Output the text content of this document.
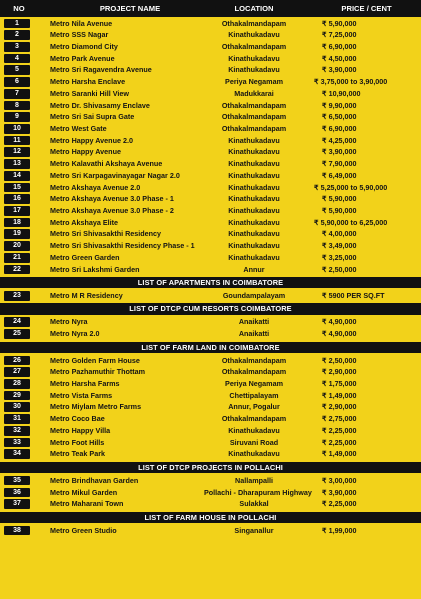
NO	PROJECT NAME	LOCATION	PRICE / CENT
1	Metro Nila Avenue	Othakalmandapam	₹ 5,90,000
2	Metro SSS Nagar	Kinathukadavu	₹ 7,25,000
3	Metro Diamond City	Othakalmandapam	₹ 6,90,000
4	Metro Park Avenue	Kinathukadavu	₹ 4,50,000
5	Metro Sri Ragavendra Avenue	Kinathukadavu	₹ 3,90,000
6	Metro Harsha Enclave	Periya Negamam	₹ 3,75,000 to 3,90,000
7	Metro Saranki Hill View	Madukkarai	₹ 10,90,000
8	Metro Dr. Shivasamy Enclave	Othakalmandapam	₹ 9,90,000
9	Metro Sri Sai Supra Gate	Othakalmandapam	₹ 6,50,000
10	Metro West Gate	Othakalmandapam	₹ 6,90,000
11	Metro Happy Avenue 2.0	Kinathukadavu	₹ 4,25,000
12	Metro Happy Avenue	Kinathukadavu	₹ 3,90,000
13	Metro Kalavathi Akshaya Avenue	Kinathukadavu	₹ 7,90,000
14	Metro Sri Karpagavinayagar Nagar 2.0	Kinathukadavu	₹ 6,49,000
15	Metro Akshaya Avenue 2.0	Kinathukadavu	₹ 5,25,000 to 5,90,000
16	Metro Akshaya Avenue 3.0 Phase - 1	Kinathukadavu	₹ 5,90,000
17	Metro Akshaya Avenue 3.0 Phase - 2	Kinathukadavu	₹ 5,90,000
18	Metro Akshaya Elite	Kinathukadavu	₹ 5,90,000 to 6,25,000
19	Metro Sri Shivasakthi Residency	Kinathukadavu	₹ 4,00,000
20	Metro Sri Shivasakthi Residency Phase - 1	Kinathukadavu	₹ 3,49,000
21	Metro Green Garden	Kinathukadavu	₹ 3,25,000
22	Metro Sri Lakshmi Garden	Annur	₹ 2,50,000
LIST OF APARTMENTS IN COIMBATORE
23	Metro M R Residency	Goundampalayam	₹ 5900 PER SQ.FT
LIST OF DTCP CUM RESORTS COIMBATORE
24	Metro Nyra	Anaikatti	₹ 4,90,000
25	Metro Nyra 2.0	Anaikatti	₹ 4,90,000
LIST OF FARM LAND IN COIMBATORE
26	Metro Golden Farm House	Othakalmandapam	₹ 2,50,000
27	Metro Pazhamuthir Thottam	Othakalmandapam	₹ 2,90,000
28	Metro Harsha Farms	Periya Negamam	₹ 1,75,000
29	Metro Vista Farms	Chettipalayam	₹ 1,49,000
30	Metro Miylam Metro Farms	Annur, Pogalur	₹ 2,90,000
31	Metro Coco Bae	Othakalmandapam	₹ 2,75,000
32	Metro Happy Villa	Kinathukadavu	₹ 2,25,000
33	Metro Foot Hills	Siruvani Road	₹ 2,25,000
34	Metro Teak Park	Kinathukadavu	₹ 1,49,000
LIST OF DTCP PROJECTS IN POLLACHI
35	Metro Brindhavan Garden	Nallampalli	₹ 3,00,000
36	Metro Mikul Garden	Pollachi - Dharapuram Highway ₹ 3,90,000
37	Metro Maharani Town	Sulakkal	₹ 2,25,000
LIST OF FARM HOUSE IN POLLACHI
38	Metro Green Studio	Singanallur	₹ 1,99,000
